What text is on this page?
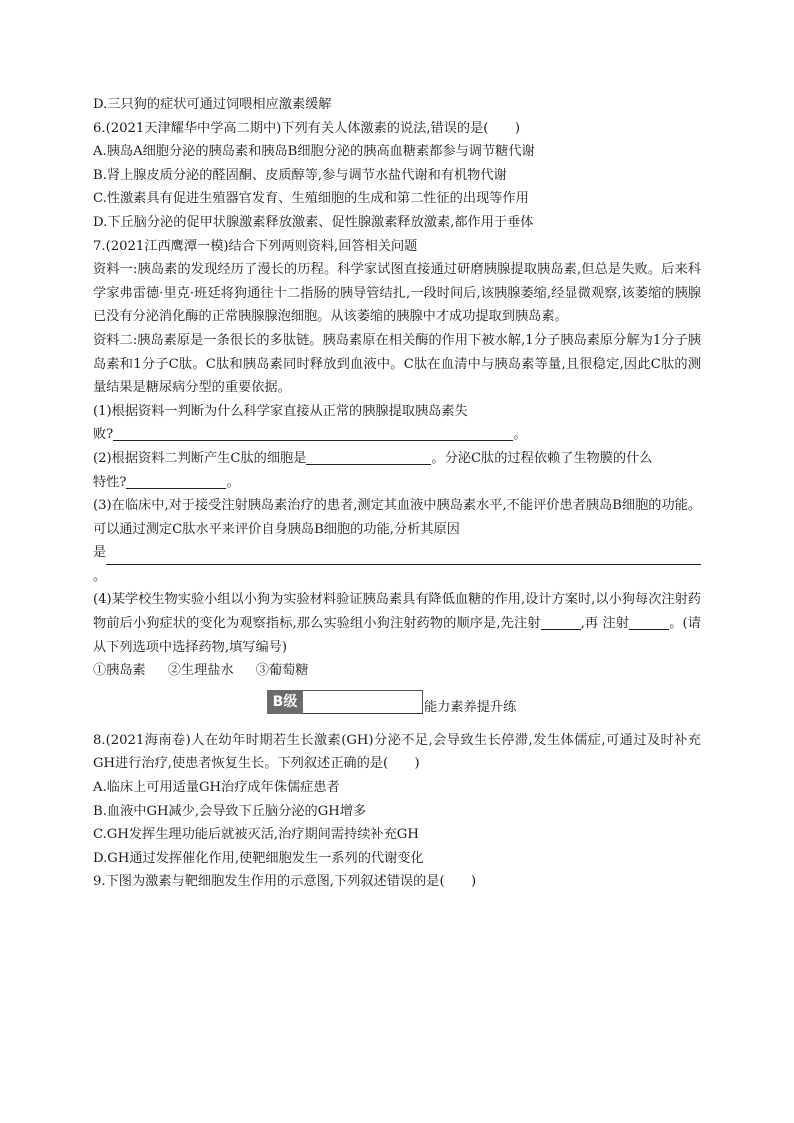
D.三只狗的症状可通过饲喂相应激素缓解
6.(2021天津耀华中学高二期中)下列有关人体激素的说法,错误的是(　　)
A.胰岛A细胞分泌的胰岛素和胰岛B细胞分泌的胰高血糖素都参与调节糖代谢
B.肾上腺皮质分泌的醛固酮、皮质醇等,参与调节水盐代谢和有机物代谢
C.性激素具有促进生殖器官发育、生殖细胞的生成和第二性征的出现等作用
D.下丘脑分泌的促甲状腺激素释放激素、促性腺激素释放激素,都作用于垂体
7.(2021江西鹰潭一模)结合下列两则资料,回答相关问题
资料一:胰岛素的发现经历了漫长的历程。科学家试图直接通过研磨胰腺提取胰岛素,但总是失败。后来科学家弗雷德·里克·班廷将狗通往十二指肠的胰导管结扎,一段时间后,该胰腺萎缩,经显微观察,该萎缩的胰腺已没有分泌消化酶的正常胰腺腺泡细胞。从该萎缩的胰腺中才成功提取到胰岛素。
资料二:胰岛素原是一条很长的多肽链。胰岛素原在相关酶的作用下被水解,1分子胰岛素原分解为1分子胰岛素和1分子C肽。C肽和胰岛素同时释放到血液中。C肽在血清中与胰岛素等量,且很稳定,因此C肽的测量结果是糖尿病分型的重要依据。
(1)根据资料一判断为什么科学家直接从正常的胰腺提取胰岛素失
败?	。
(2)根据资料二判断产生C肽的细胞是	。分泌C肽的过程依赖了生物膜的什么
特性?	。
(3)在临床中,对于接受注射胰岛素治疗的患者,测定其血液中胰岛素水平,不能评价患者胰岛B细胞的功能。可以通过测定C肽水平来评价自身胰岛B细胞的功能,分析其原因
是
。
(4)某学校生物实验小组以小狗为实验材料验证胰岛素具有降低血糖的作用,设计方案时,以小狗每次注射药物前后小狗症状的变化为观察指标,那么实验组小狗注射药物的顺序是,先注射	,再 注射	。(请从下列选项中选择药物,填写编号)
①胰岛素 ②生理盐水 ③葡萄糖
B级	能力素养提升练
8.(2021海南卷)人在幼年时期若生长激素(GH)分泌不足,会导致生长停滞,发生体儒症,可通过及时补充GH进行治疗,使患者恢复生长。下列叙述正确的是(　　)
A.临床上可用适量GH治疗成年侏儒症患者
B.血液中GH减少,会导致下丘脑分泌的GH增多
C.GH发挥生理功能后就被灭活,治疗期间需持续补充GH
D.GH通过发挥催化作用,使靶细胞发生一系列的代谢变化
9.下图为激素与靶细胞发生作用的示意图,下列叙述错误的是(　　)
